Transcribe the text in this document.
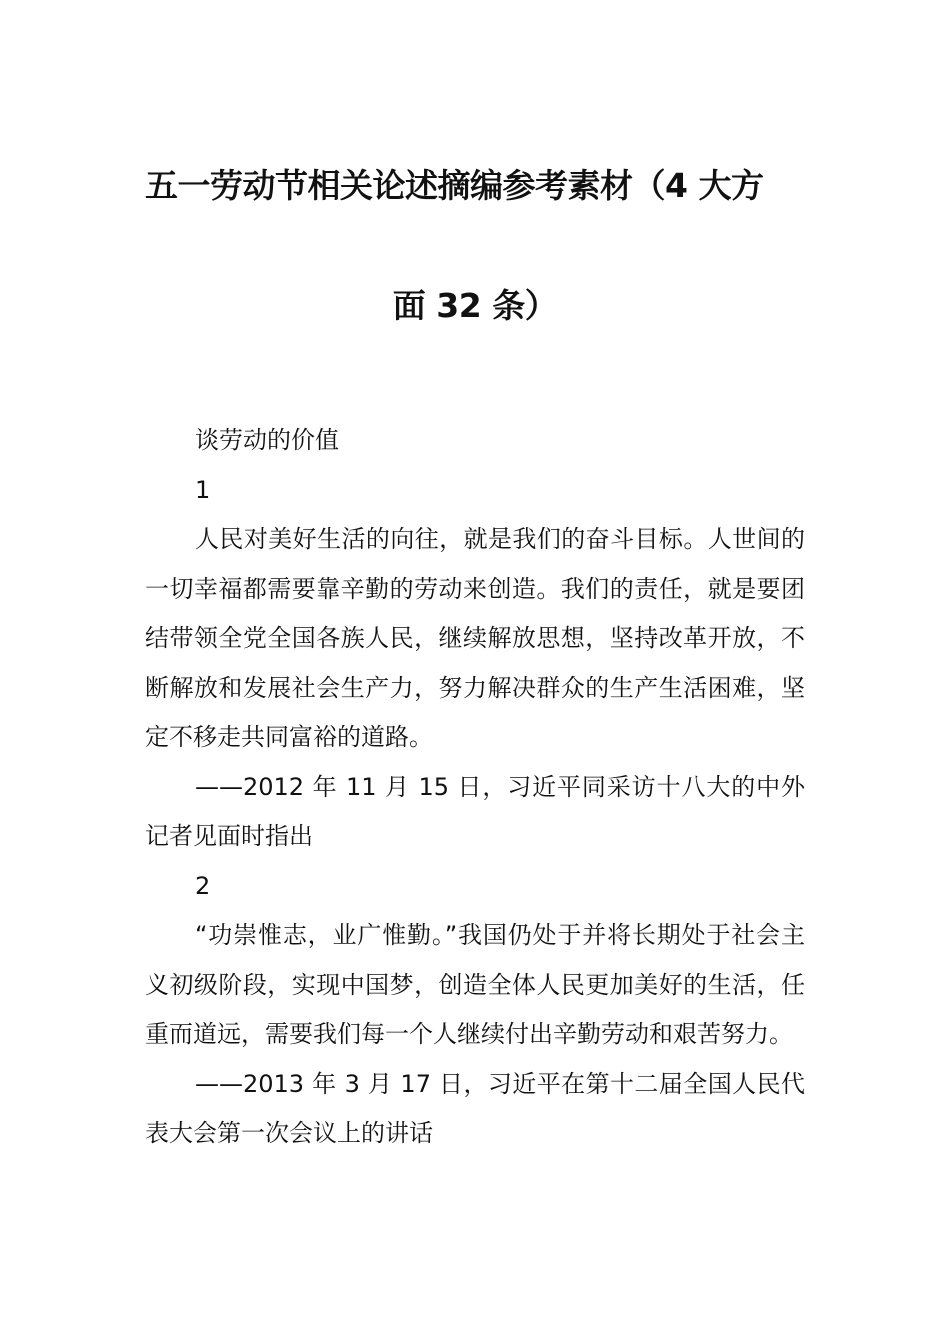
五一劳动节相关论述摘编参考素材（4 大方
面 32 条）

谈劳动的价值

1

人民对美好生活的向往，就是我们的奋斗目标。人世间的一切幸福都需要靠辛勤的劳动来创造。我们的责任，就是要团结带领全党全国各族人民，继续解放思想，坚持改革开放，不断解放和发展社会生产力，努力解决群众的生产生活困难，坚定不移走共同富裕的道路。

——2012 年 11 月 15 日，习近平同采访十八大的中外记者见面时指出

2

“功崇惟志，业广惟勤。”我国仍处于并将长期处于社会主义初级阶段，实现中国梦，创造全体人民更加美好的生活，任重而道远，需要我们每一个人继续付出辛勤劳动和艰苦努力。

——2013 年 3 月 17 日，习近平在第十二届全国人民代表大会第一次会议上的讲话
